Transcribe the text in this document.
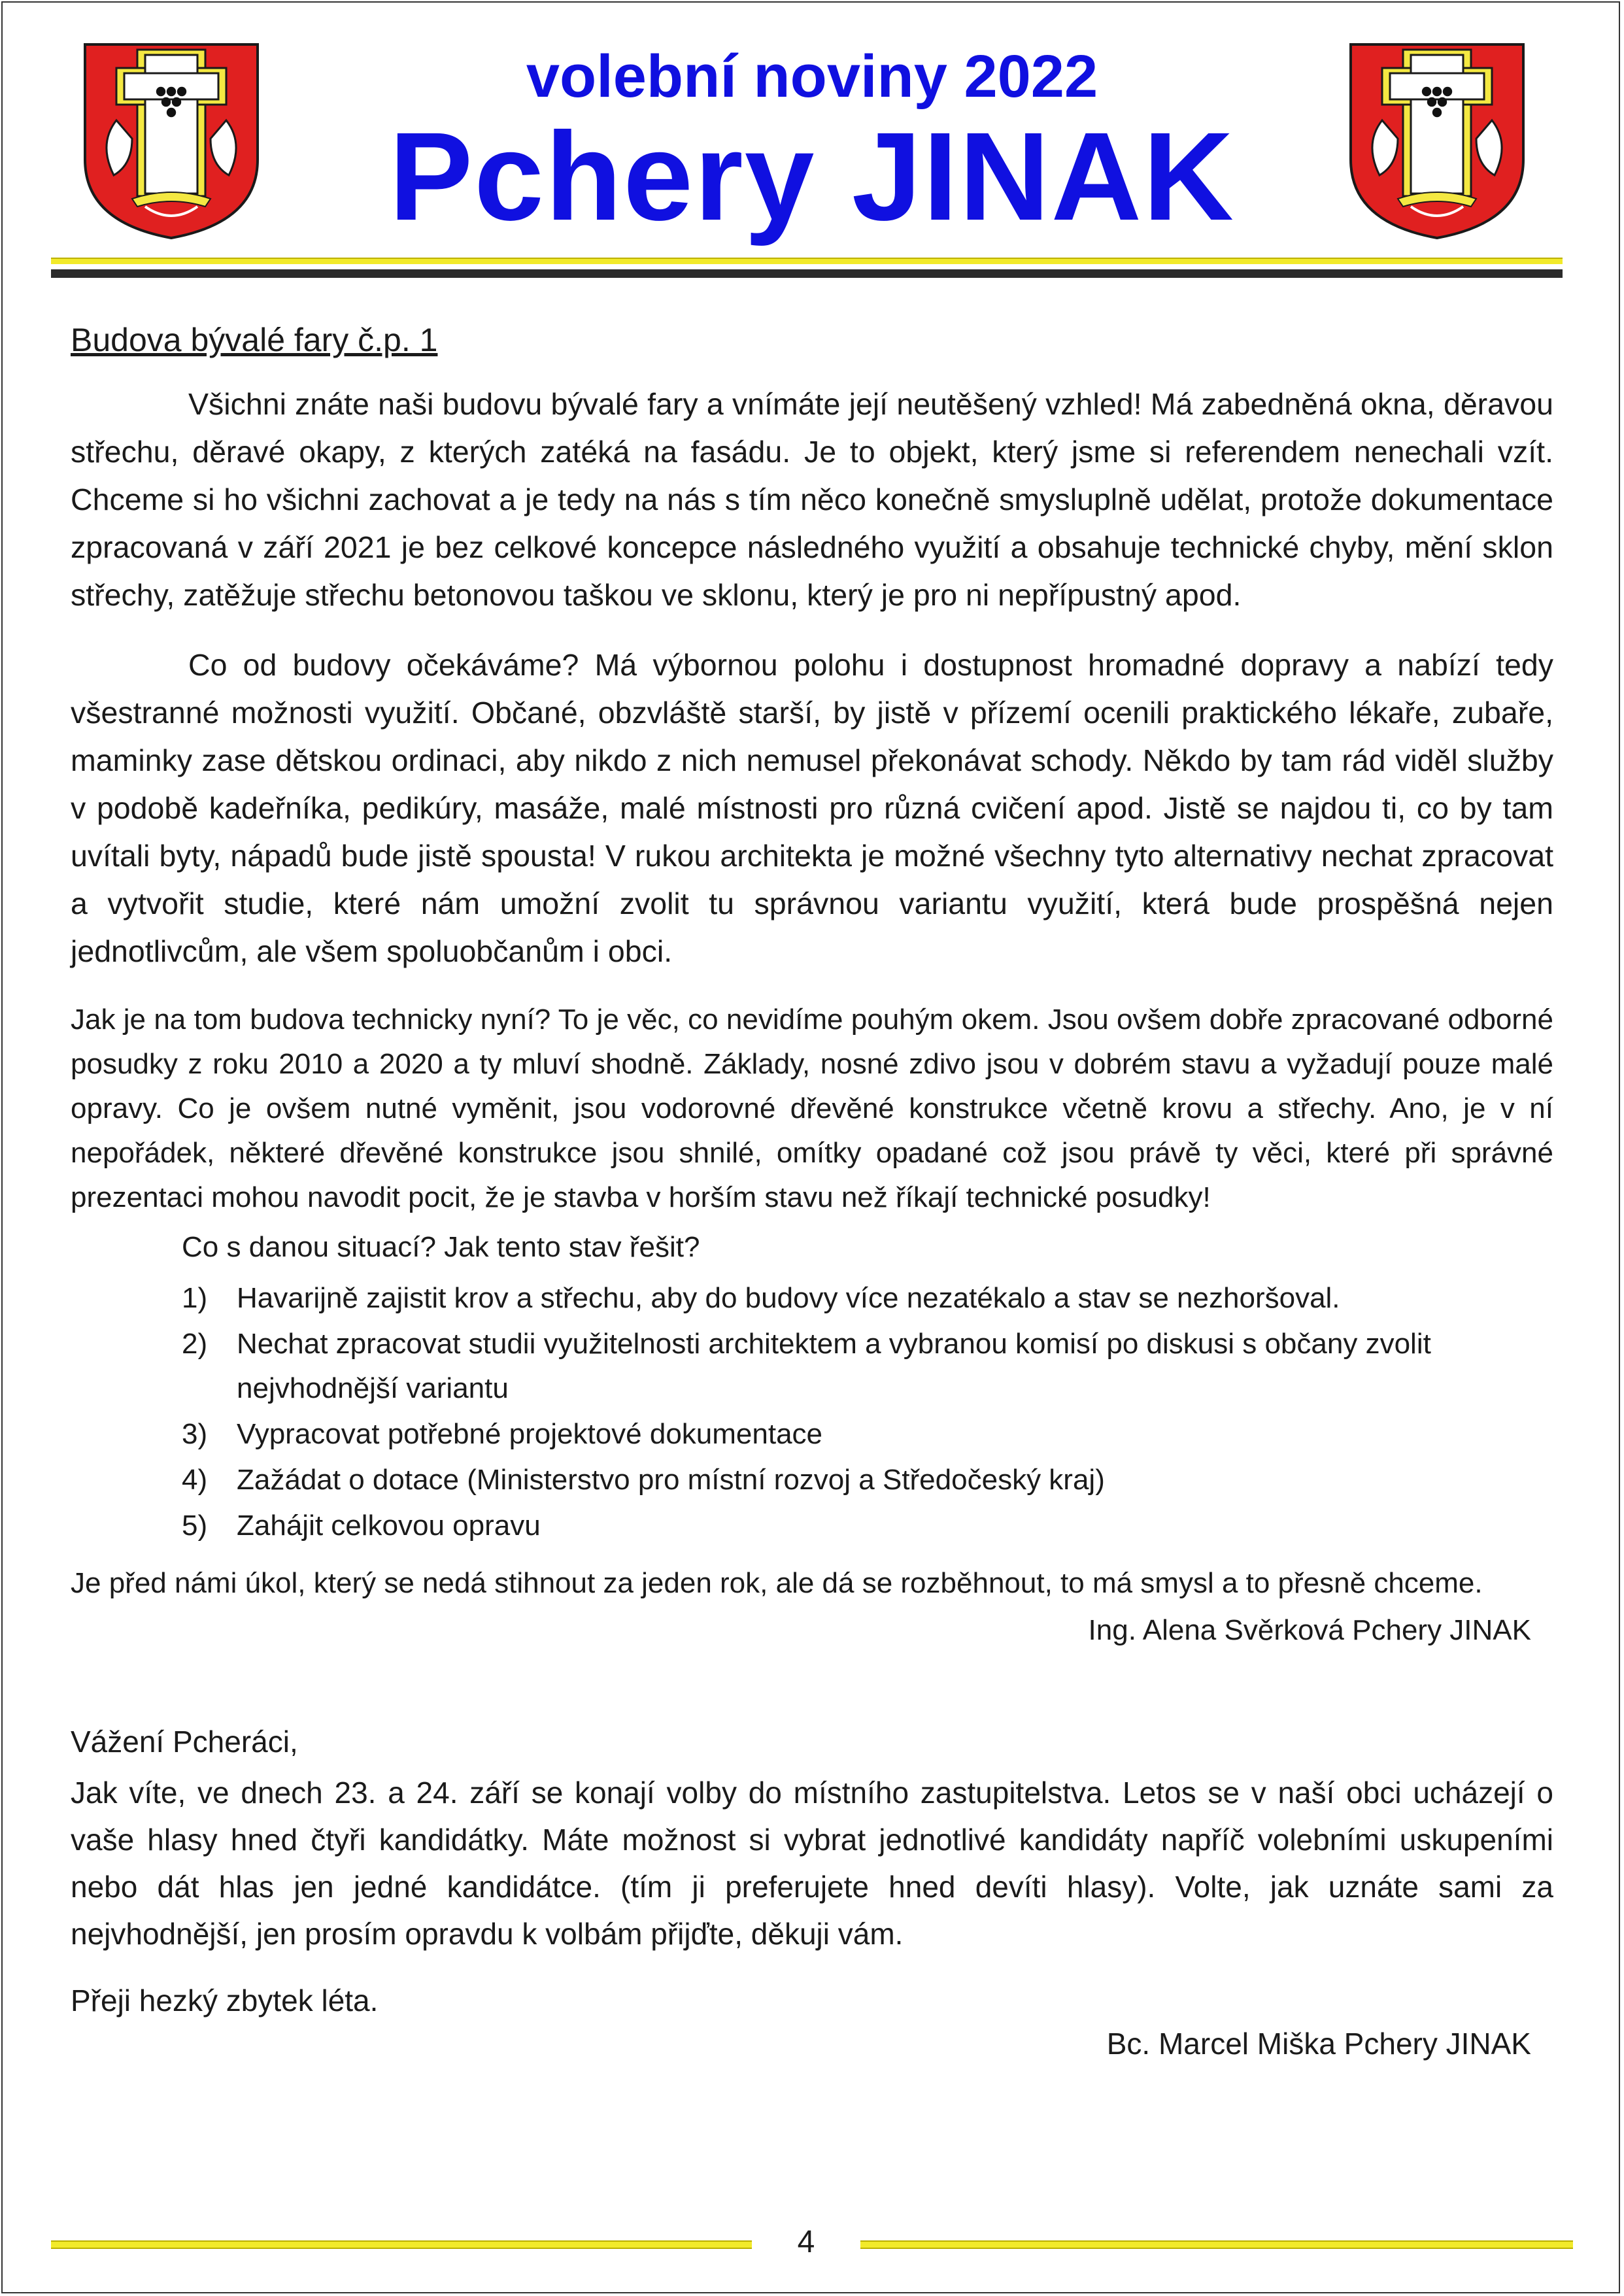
volební noviny 2022
Pchery JINAK
Budova bývalé fary č.p. 1

Všichni znáte naši budovu bývalé fary a vnímáte její neutěšený vzhled! Má zabedněná okna, děravou střechu, děravé okapy, z kterých zatéká na fasádu. Je to objekt, který jsme si referendem nenechali vzít. Chceme si ho všichni zachovat a je tedy na nás s tím něco konečně smysluplně udělat, protože dokumentace zpracovaná v září 2021 je bez celkové koncepce následného využití a obsahuje technické chyby, mění sklon střechy, zatěžuje střechu betonovou taškou ve sklonu, který je pro ni nepřípustný apod.

Co od budovy očekáváme? Má výbornou polohu i dostupnost hromadné dopravy a nabízí tedy všestranné možnosti využití. Občané, obzvláště starší, by jistě v přízemí ocenili praktického lékaře, zubaře, maminky zase dětskou ordinaci, aby nikdo z nich nemusel překonávat schody. Někdo by tam rád viděl služby v podobě kadeřníka, pedikúry, masáže, malé místnosti pro různá cvičení apod. Jistě se najdou ti, co by tam uvítali byty, nápadů bude jistě spousta! V rukou architekta je možné všechny tyto alternativy nechat zpracovat a vytvořit studie, které nám umožní zvolit tu správnou variantu využití, která bude prospěšná nejen jednotlivcům, ale všem spoluobčanům i obci.

Jak je na tom budova technicky nyní? To je věc, co nevidíme pouhým okem. Jsou ovšem dobře zpracované odborné posudky z roku 2010 a 2020 a ty mluví shodně. Základy, nosné zdivo jsou v dobrém stavu a vyžadují pouze malé opravy. Co je ovšem nutné vyměnit, jsou vodorovné dřevěné konstrukce včetně krovu a střechy. Ano, je v ní nepořádek, některé dřevěné konstrukce jsou shnilé, omítky opadané což jsou právě ty věci, které při správné prezentaci mohou navodit pocit, že je stavba v horším stavu než říkají technické posudky!

Co s danou situací? Jak tento stav řešit?
1)	Havarijně zajistit krov a střechu, aby do budovy více nezatékalo a stav se nezhoršoval.
2)	Nechat zpracovat studii využitelnosti architektem a vybranou komisí po diskusi s občany zvolit nejvhodnější variantu
3)	Vypracovat potřebné projektové dokumentace
4)	Zažádat o dotace (Ministerstvo pro místní rozvoj a Středočeský kraj)
5)	Zahájit celkovou opravu

Je před námi úkol, který se nedá stihnout za jeden rok, ale dá se rozběhnout, to má smysl a to přesně chceme.

Ing. Alena Svěrková Pchery JINAK
Vážení Pcheráci,

Jak víte, ve dnech 23. a 24. září se konají volby do místního zastupitelstva. Letos se v naší obci ucházejí o vaše hlasy hned čtyři kandidátky. Máte možnost si vybrat jednotlivé kandidáty napříč volebními uskupeními nebo dát hlas jen jedné kandidátce. (tím ji preferujete hned devíti hlasy). Volte, jak uznáte sami za nejvhodnější, jen prosím opravdu k volbám přijďte, děkuji vám.

Přeji hezký zbytek léta.
Bc. Marcel Miška Pchery JINAK
4
